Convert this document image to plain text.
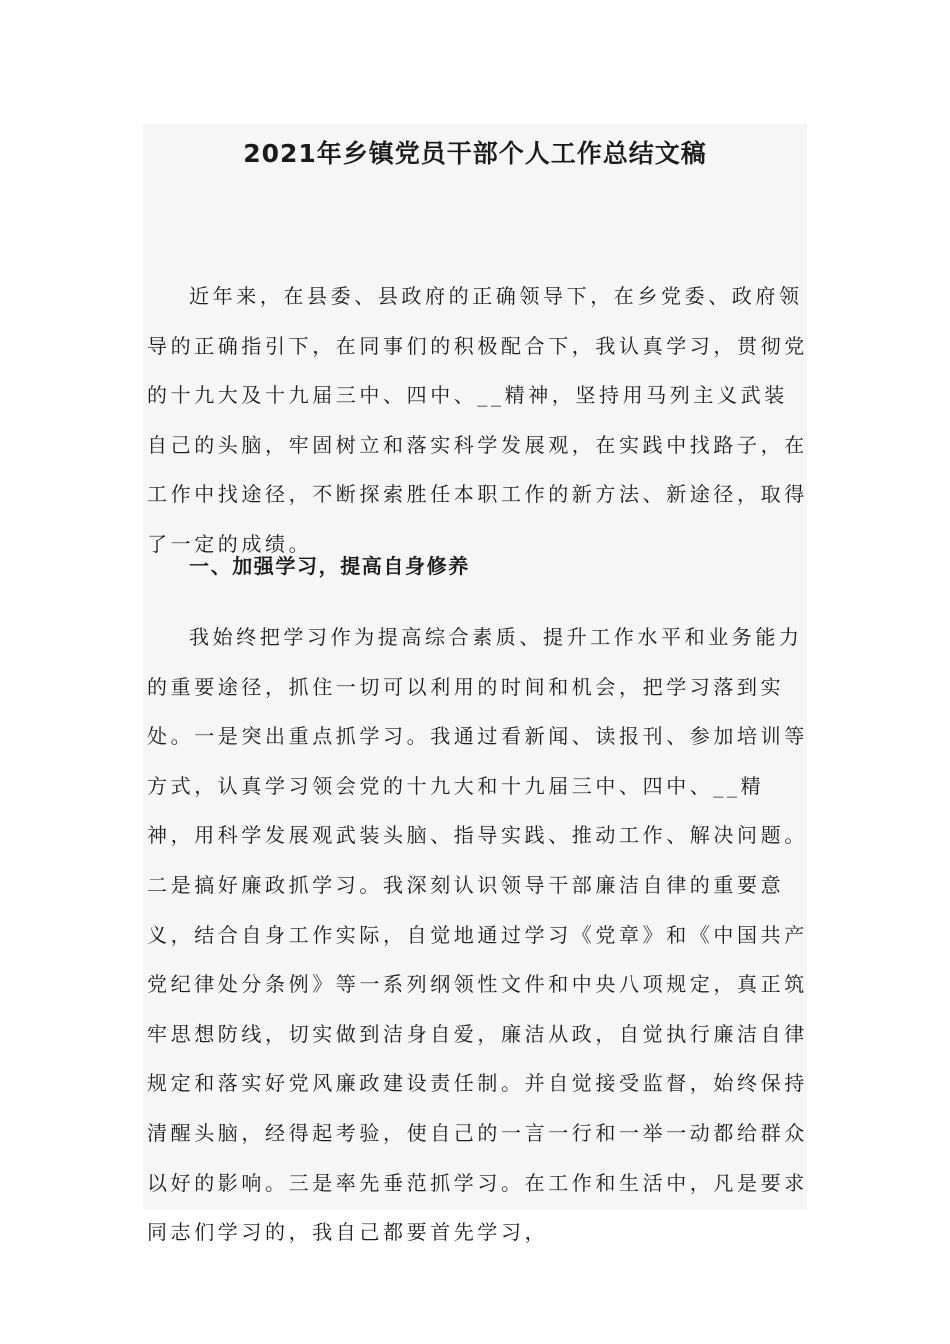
2021年乡镇党员干部个人工作总结文稿

近年来，在县委、县政府的正确领导下，在乡党委、政府领导的正确指引下，在同事们的积极配合下，我认真学习，贯彻党的十九大及十九届三中、四中、__精神，坚持用马列主义武装自己的头脑，牢固树立和落实科学发展观，在实践中找路子，在工作中找途径，不断探索胜任本职工作的新方法、新途径，取得了一定的成绩。

一、加强学习，提高自身修养

我始终把学习作为提高综合素质、提升工作水平和业务能力的重要途径，抓住一切可以利用的时间和机会，把学习落到实处。一是突出重点抓学习。我通过看新闻、读报刊、参加培训等方式，认真学习领会党的十九大和十九届三中、四中、__精神，用科学发展观武装头脑、指导实践、推动工作、解决问题。二是搞好廉政抓学习。我深刻认识领导干部廉洁自律的重要意义，结合自身工作实际，自觉地通过学习《党章》和《中国共产党纪律处分条例》等一系列纲领性文件和中央八项规定，真正筑牢思想防线，切实做到洁身自爱，廉洁从政，自觉执行廉洁自律规定和落实好党风廉政建设责任制。并自觉接受监督，始终保持清醒头脑，经得起考验，使自己的一言一行和一举一动都给群众以好的影响。三是率先垂范抓学习。在工作和生活中，凡是要求同志们学习的，我自己都要首先学习，
